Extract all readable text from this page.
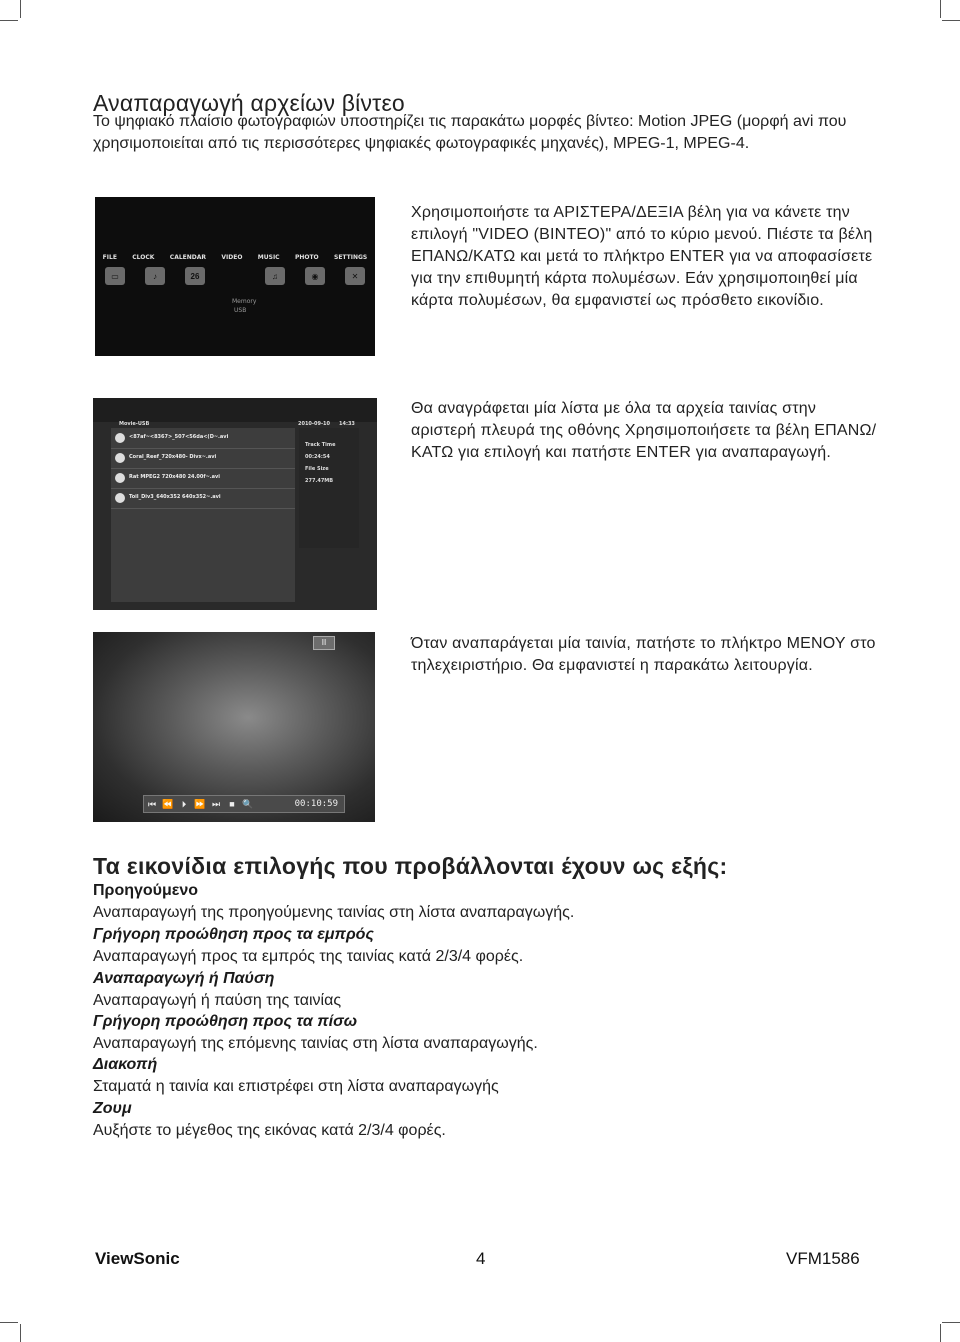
Αναπαραγωγή αρχείων βίντεο

Το ψηφιακό πλαίσιο φωτογραφιών υποστηρίζει τις παρακάτω μορφές βίντεο: Motion JPEG (μορφή avi που χρησιμοποιείται από τις περισσότερες ψηφιακές φωτογραφικές μηχανές), MPEG-1, MPEG-4.

FILE	CLOCK	CALENDAR	VIDEO	MUSIC	PHOTO	SETTINGS
▭	♪	26	♫	◉	✕
Memory
USB

Χρησιμοποιήστε τα ΑΡΙΣΤΕΡΑ/ΔΕΞΙΑ βέλη για να κάνετε την επιλογή "VIDEO (ΒΙΝΤΕΟ)" από το κύριο μενού. Πιέστε τα βέλη ΕΠΑΝΩ/ΚΑΤΩ και μετά το πλήκτρο ENTER για να αποφασίσετε για την επιθυμητή κάρτα πολυμέσων. Εάν χρησιμοποιηθεί μία κάρτα πολυμέσων, θα εμφανιστεί ως πρόσθετο εικονίδιο.

Movie-USB	2010-09-10 14:33
<87af~<8367>_507<56da<(D~.avi
Coral_Reef_720x480- Divx~.avi
Rat MPEG2 720x480 24.00f~.avi
Toil_Div3_640x352 640x352~.avi
Track Time
00:24:54
File Size
277.47MB

Θα αναγράφεται μία λίστα με όλα τα αρχεία ταινίας στην αριστερή πλευρά της οθόνης Χρησιμοποιήσετε τα βέλη ΕΠΑΝΩ/ΚΑΤΩ για επιλογή και πατήστε ENTER για αναπαραγωγή.

II
⏮ ⏪ ⏵ ⏩ ⏭	■ 🔍	00:10:59

Όταν αναπαράγεται μία ταινία, πατήστε το πλήκτρο ΜΕΝΟΥ στο τηλεχειριστήριο. Θα εμφανιστεί η παρακάτω λειτουργία.

Τα εικονίδια επιλογής που προβάλλονται έχουν ως εξής:

Προηγούμενο

Αναπαραγωγή της προηγούμενης ταινίας στη λίστα αναπαραγωγής.

Γρήγορη προώθηση προς τα εμπρός

Αναπαραγωγή προς τα εμπρός της ταινίας κατά 2/3/4 φορές.

Αναπαραγωγή ή Παύση

Αναπαραγωγή ή παύση της ταινίας

Γρήγορη προώθηση προς τα πίσω

Αναπαραγωγή της επόμενης ταινίας στη λίστα αναπαραγωγής.

Διακοπή

Σταματά η ταινία και επιστρέφει στη λίστα αναπαραγωγής

Ζουμ

Αυξήστε το μέγεθος της εικόνας κατά 2/3/4 φορές.

ViewSonic	4	VFM1586
